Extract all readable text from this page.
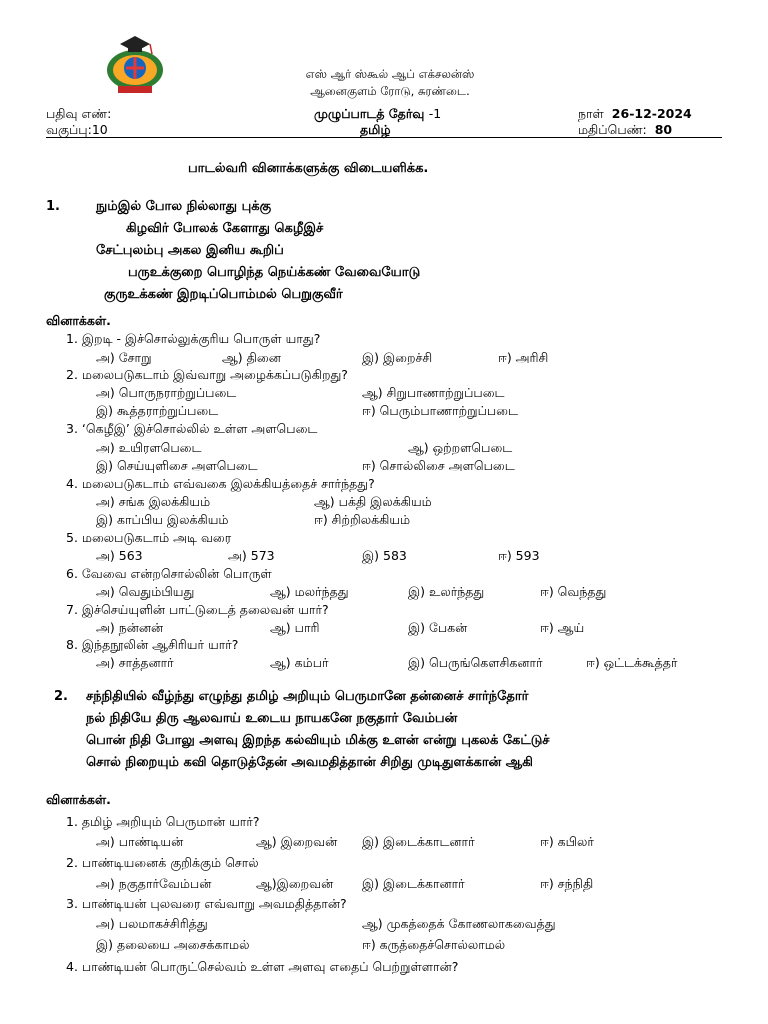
எஸ் ஆர் ஸ்கூல் ஆப் எக்சலன்ஸ்
ஆனைகுளம் ரோடு, சுரண்டை.
பதிவு எண்:	முழுப்பாடத் தேர்வு -1	நாள் 26-12-2024
வகுப்பு:10	தமிழ்	மதிப்பெண்: 80
பாடல்வரி வினாக்களுக்கு விடையளிக்க.
1.	நும்இல் போல நில்லாது புக்கு
கிழவிர் போலக் கேளாது கெழீஇச்
சேட்புலம்பு அகல இனிய கூறிப்
பருஉக்குறை பொழிந்த நெய்க்கண் வேவையோடு
குருஉக்கண் இறடிப்பொம்மல் பெறுகுவீர்
வினாக்கள்.
1. இறடி - இச்சொல்லுக்குரிய பொருள் யாது?
அ) சோறு	ஆ) தினை	இ) இறைச்சி	ஈ) அரிசி
2. மலைபடுகடாம் இவ்வாறு அழைக்கப்படுகிறது?
அ) பொருநராற்றுப்படை	ஆ) சிறுபாணாற்றுப்படை
இ) கூத்தராற்றுப்படை	ஈ) பெரும்பாணாற்றுப்படை
3. ‘கெழீஇ’ இச்சொல்லில் உள்ள அளபெடை
அ) உயிரளபெடை	ஆ) ஒற்றளபெடை
இ) செய்யுளிசை அளபெடை	ஈ) சொல்லிசை அளபெடை
4. மலைபடுகடாம் எவ்வகை இலக்கியத்தைச் சார்ந்தது?
அ) சங்க இலக்கியம்	ஆ) பக்தி இலக்கியம்
இ) காப்பிய இலக்கியம்	ஈ) சிற்றிலக்கியம்
5. மலைபடுகடாம் அடி வரை
அ) 563	அ) 573	இ) 583	ஈ) 593
6. வேவை என்றசொல்லின் பொருள்
அ) வெதும்பியது	ஆ) மலர்ந்தது	இ) உலர்ந்தது	ஈ) வெந்தது
7. இச்செய்யுளின் பாட்டுடைத் தலைவன் யார்?
அ) நன்னன்	ஆ) பாரி	இ) பேகன்	ஈ) ஆய்
8. இந்தநூலின் ஆசிரியர் யார்?
அ) சாத்தனார்	ஆ) கம்பர்	இ) பெருங்கௌசிகனார்	ஈ) ஒட்டக்கூத்தர்
2. சந்நிதியில் வீழ்ந்து எழுந்து தமிழ் அறியும் பெருமானே தன்னைச் சார்ந்தோர்
நல் நிதியே திரு ஆலவாய் உடைய நாயகனே நகுதார் வேம்பன்
பொன் நிதி போலு அளவு இறந்த கல்வியும் மிக்கு உளன் என்று புகலக் கேட்டுச்
சொல் நிறையும் கவி தொடுத்தேன் அவமதித்தான் சிறிது முடிதுளக்கான் ஆகி
வினாக்கள்.
1. தமிழ் அறியும் பெருமான் யார்?
அ) பாண்டியன்	ஆ) இறைவன் இ) இடைக்காடனார்	ஈ) கபிலர்
2. பாண்டியனைக் குறிக்கும் சொல்
அ) நகுதார்வேம்பன்	ஆ)இறைவன் இ) இடைக்கானார்	ஈ) சந்நிதி
3. பாண்டியன் புலவரை எவ்வாறு அவமதித்தான்?
அ) பலமாகச்சிரித்து	ஆ) முகத்தைக் கோணலாகவைத்து
இ) தலையை அசைக்காமல்	ஈ) கருத்தைச்சொல்லாமல்
4. பாண்டியன் பொருட்செல்வம் உள்ள அளவு எதைப் பெற்றுள்ளான்?
